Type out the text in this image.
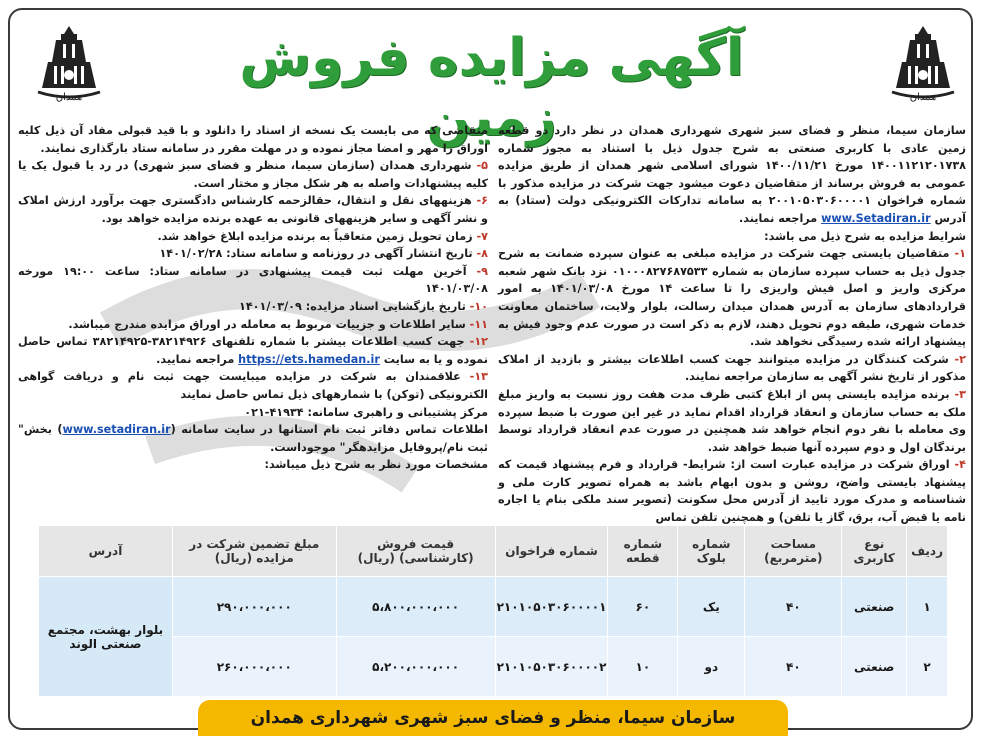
همدان	همدان
آگهی مزایده فروش زمین

سازمان سیما، منظر و فضای سبز شهری شهرداری همدان در نظر دارد دو قطعه زمین عادی با کاربری صنعتی به شرح جدول ذیل با استناد به مجوز شماره ۱۴۰۰۱۱۲۱۲۰۱۷۳۸ مورخ ۱۴۰۰/۱۱/۲۱ شورای اسلامی شهر همدان از طریق مزایده عمومی به فروش برساند از متقاضیان دعوت میشود جهت شرکت در مزایده مذکور با شماره فراخوان ۲۰۰۱۰۵۰۳۰۶۰۰۰۰۱ به سامانه تدارکات الکترونیکی دولت (ستاد) به آدرس www.Setadiran.ir مراجعه نمایند.

شرایط مزایده به شرح ذیل می باشد:

۱- متقاضیان بایستی جهت شرکت در مزایده مبلغی به عنوان سپرده ضمانت به شرح جدول ذیل به حساب سپرده سازمان به شماره ۰۱۰۰۰۸۲۷۶۸۷۵۳۳ نزد بانک شهر شعبه مرکزی واریز و اصل فیش واریزی را تا ساعت ۱۴ مورخ ۱۴۰۱/۰۳/۰۸ به امور قراردادهای سازمان به آدرس همدان میدان رسالت، بلوار ولایت، ساختمان معاونت خدمات شهری، طبقه دوم تحویل دهند، لازم به ذکر است در صورت عدم وجود فیش به پیشنهاد ارائه شده رسیدگی نخواهد شد.

۲- شرکت کنندگان در مزایده میتوانند جهت کسب اطلاعات بیشتر و بازدید از املاک مذکور از تاریخ نشر آگهی به سازمان مراجعه نمایند.

۳- برنده مزایده بایستی پس از ابلاغ کتبی ظرف مدت هفت روز نسبت به واریز مبلغ ملک به حساب سازمان و انعقاد قرارداد اقدام نماید در غیر این صورت با ضبط سپرده وی معامله با نفر دوم انجام خواهد شد همچنین در صورت عدم انعقاد قرارداد توسط برندگان اول و دوم سپرده آنها ضبط خواهد شد.

۴- اوراق شرکت در مزایده عبارت است از: شرایط- قرارداد و فرم پیشنهاد قیمت که پیشنهاد بایستی واضح، روشن و بدون ابهام باشد به همراه تصویر کارت ملی و شناسنامه و مدرک مورد تایید از آدرس محل سکونت (تصویر سند ملکی بنام یا اجاره نامه یا قبض آب، برق، گاز یا تلفن) و همچنین تلفن تماس

متقاضی که می بایست یک نسخه از اسناد را دانلود و با قید قبولی مفاد آن ذیل کلیه اوراق را مهر و امضا مجاز نموده و در مهلت مقرر در سامانه ستاد بارگذاری نمایند.

۵- شهرداری همدان (سازمان سیما، منظر و فضای سبز شهری) در رد یا قبول یک یا کلیه پیشنهادات واصله به هر شکل مجاز و مختار است.

۶- هزینههای نقل و انتقال، حقالزحمه کارشناس دادگستری جهت برآورد ارزش املاک و نشر آگهی و سایر هزینههای قانونی به عهده برنده مزایده خواهد بود.

۷- زمان تحویل زمین متعاقباً به برنده مزایده ابلاغ خواهد شد.

۸- تاریخ انتشار آگهی در روزنامه و سامانه ستاد: ۱۴۰۱/۰۲/۲۸

۹- آخرین مهلت ثبت قیمت پیشنهادی در سامانه ستاد: ساعت ۱۹:۰۰ مورخه ۱۴۰۱/۰۳/۰۸

۱۰- تاریخ بازگشایی اسناد مزایده: ۱۴۰۱/۰۳/۰۹

۱۱- سایر اطلاعات و جزییات مربوط به معامله در اوراق مزایده مندرج میباشد.

۱۲- جهت کسب اطلاعات بیشتر با شماره تلفنهای ۳۸۲۱۴۹۲۶-۳۸۲۱۴۹۲۵ تماس حاصل نموده و یا به سایت https://ets.hamedan.ir مراجعه نمایید.

۱۳- علاقمندان به شرکت در مزایده میبایست جهت ثبت نام و دریافت گواهی الکترونیکی (توکن) با شمارههای ذیل تماس حاصل نمایند

مرکز پشتیبانی و راهبری سامانه: ۴۱۹۳۴-۰۲۱

اطلاعات تماس دفاتر ثبت نام استانها در سایت سامانه (www.setadiran.ir) بخش" ثبت نام/پروفایل مزایدهگر" موجوداست.

مشخصات مورد نظر به شرح ذیل میباشد:

ردیف	نوع کاربری	مساحت (مترمربع)	شماره بلوک	شماره قطعه	شماره فراخوان	قیمت فروش (کارشناسی) (ریال)	مبلغ تضمین شرکت در مزایده (ریال)	آدرس
۱	صنعتی	۴۰	یک	۶۰	۲۱۰۱۰۵۰۳۰۶۰۰۰۰۱	۵،۸۰۰،۰۰۰،۰۰۰	۲۹۰،۰۰۰،۰۰۰	بلوار بهشت، مجتمع صنعتی الوند
۲	صنعتی	۴۰	دو	۱۰	۲۱۰۱۰۵۰۳۰۶۰۰۰۰۲	۵،۲۰۰،۰۰۰،۰۰۰	۲۶۰،۰۰۰،۰۰۰	
سازمان سیما، منظر و فضای سبز شهری شهرداری همدان
